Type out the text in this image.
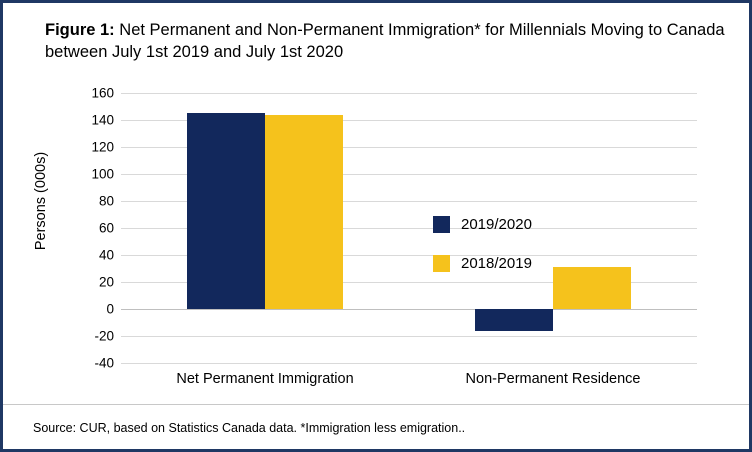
Figure 1: Net Permanent and Non-Permanent Immigration* for Millennials Moving to Canada between July 1st 2019 and July 1st 2020
Persons (000s)
-40
-20
0
20
40
60
80
100
120
140
160
Net Permanent Immigration	Non-Permanent Residence
2019/2020
2018/2019
Source: CUR, based on Statistics Canada data. *Immigration less emigration..
